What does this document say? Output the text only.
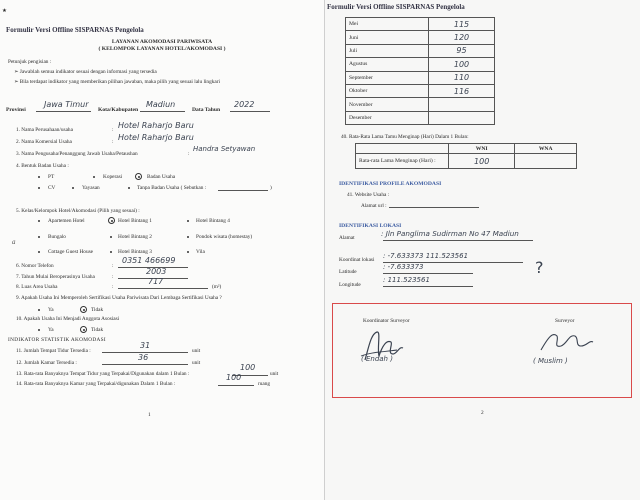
٭
Formulir Versi Offline SISPARNAS Pengelola
LAYANAN AKOMODASI PARIWISATA
( KELOMPOK LAYANAN HOTEL/AKOMODASI )
Petunjuk pengisian :
➢ Jawablah semua indikator sesuai dengan informasi yang tersedia
➢ Bila terdapat indikator yang memberikan pilihan jawaban, maka pilih yang sesuai lalu lingkari
Provinsi
Jawa Timur
Kota/Kabupaten
Madiun
Data Tahun
2022
1. Nama Perusahaan/usaha	: Hotel Raharjo Baru
2. Nama Komersial Usaha	: Hotel Raharjo Baru
3. Nama Pengusaha/Penanggung Jawab Usaha/Petaushan	:
Handra Setyawan
4. Bentuk Badan Usaha :
PT	Koperasi	Badan Usaha
CV	Yayasan	Tanpa Badan Usaha ( Sebutkan :	)
5. Kelas/Kelompok Hotel/Akomodasi (Pilih yang sesuai) :
Apartemen Hotel	Hotel Bintang 1	Hotel Bintang 4
Bungalo	Hotel Bintang 2	Pondok wisata (homestay)
a
Cottage Guest House	Hotel Bintang 3	Vila
6. Nomor Telefon	:
0351 466699
7. Tahun Mulai Beroperasinya Usaha	:
2003
8. Luas Area Usaha	:
717
(m²)
9. Apakah Usaha Ini Memperoleh Sertifikasi Usaha Pariwisata Dari Lembaga Sertifikasi Usaha ?
Ya	Tidak
10. Apakah Usaha Ini Menjadi Anggota Asosiasi
Ya	Tidak
INDIKATOR STATISTIK AKOMODASI
11. Jumlah Tempat Tidur Tersedia :
31
unit
12. Jumlah Kamar Tersedia :
36
unit
13. Rata-rata Banyaknya Tempat Tidur yang Terpakai/Digunakan dalam 1 Bulan :
100
unit
14. Rata-rata Banyaknya Kamar yang Terpakai/digunakan Dalam 1 Bulan :
100
ruang
1
Formulir Versi Offline SISPARNAS Pengelola
Mei	115
Juni	120
Juli	95
Agustus	100
September	110
Oktober	116
November	
Desember	
40. Rata-Rata Lama Tamu Menginap (Hari) Dalam 1 Bulan:
	WNI	WNA
Rata-rata Lama Menginap (Hari) :	100	
IDENTIFIKASI PROFILE AKOMODASI
41. Website Usaha :
Alamat url :
IDENTIFIKASI LOKASI
Alamat	: Jln Panglima Sudirman No 47 Madiun
Koordinat lokasi : -7.633373 111.523561
Latitude
: -7.633373
Longitude
: 111.523561
?
Koordinator Surveyor
( Endah )
Surveyor
( Muslim )
2
